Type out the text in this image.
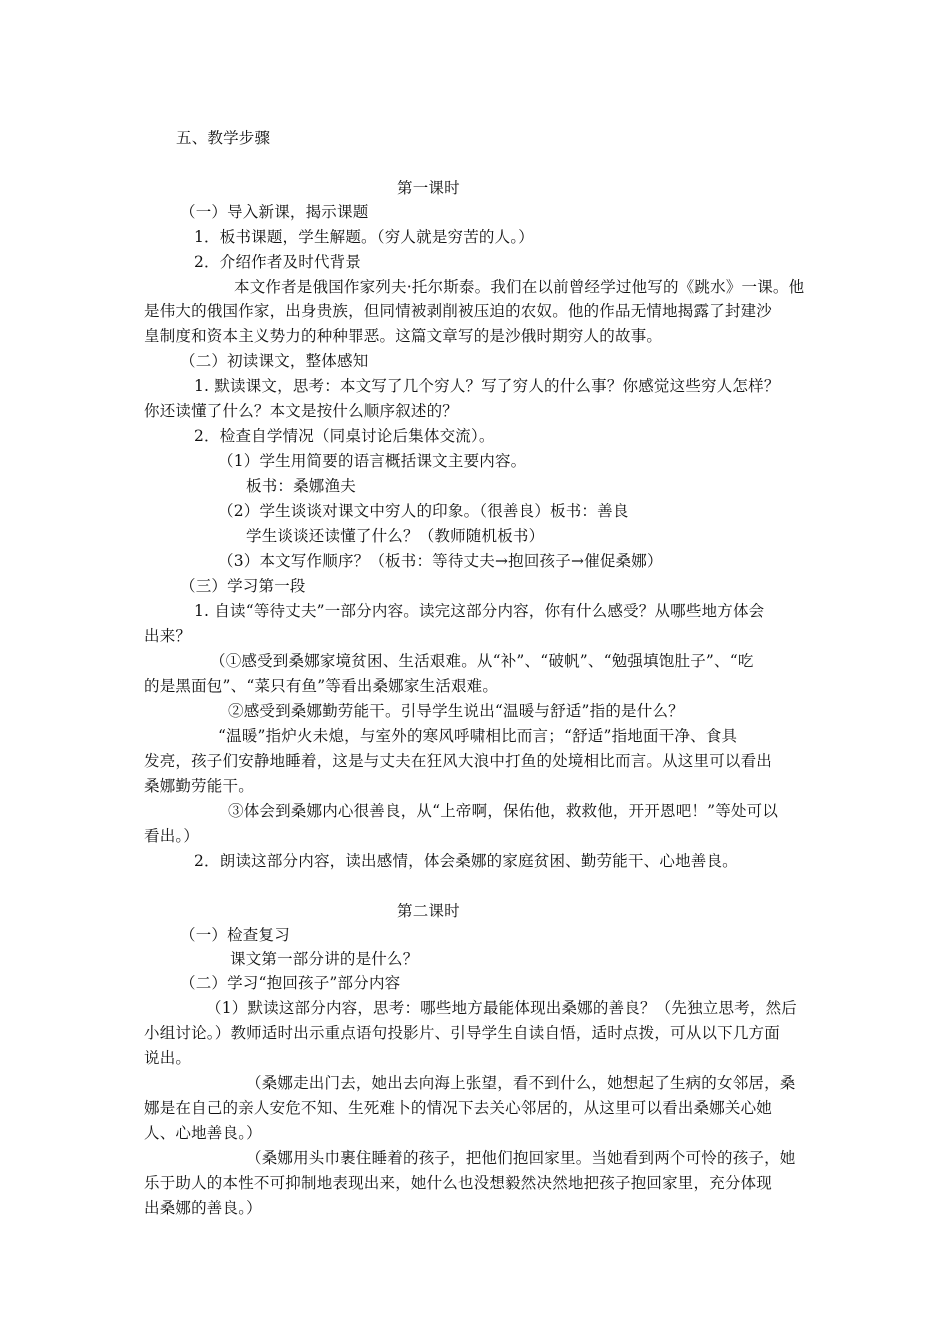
五、教学步骤
第一课时
（一）导入新课，揭示课题
1．板书课题，学生解题。（穷人就是穷苦的人。）
2．介绍作者及时代背景
本文作者是俄国作家列夫·托尔斯泰。我们在以前曾经学过他写的《跳水》一课。他
是伟大的俄国作家，出身贵族，但同情被剥削被压迫的农奴。他的作品无情地揭露了封建沙
皇制度和资本主义势力的种种罪恶。这篇文章写的是沙俄时期穷人的故事。
（二）初读课文，整体感知
1. 默读课文，思考：本文写了几个穷人？写了穷人的什么事？你感觉这些穷人怎样？
你还读懂了什么？本文是按什么顺序叙述的？
2．检查自学情况（同桌讨论后集体交流）。
（1）学生用简要的语言概括课文主要内容。
板书：桑娜渔夫
（2）学生谈谈对课文中穷人的印象。（很善良）板书：善良
学生谈谈还读懂了什么？（教师随机板书）
（3）本文写作顺序？（板书：等待丈夫→抱回孩子→催促桑娜）
（三）学习第一段
1. 自读“等待丈夫”一部分内容。读完这部分内容，你有什么感受？从哪些地方体会
出来？
（①感受到桑娜家境贫困、生活艰难。从“补”、“破帆”、“勉强填饱肚子”、“吃
的是黑面包”、“菜只有鱼”等看出桑娜家生活艰难。
②感受到桑娜勤劳能干。引导学生说出“温暖与舒适”指的是什么？
“温暖”指炉火未熄，与室外的寒风呼啸相比而言；“舒适”指地面干净、食具
发亮，孩子们安静地睡着，这是与丈夫在狂风大浪中打鱼的处境相比而言。从这里可以看出
桑娜勤劳能干。
③体会到桑娜内心很善良，从“上帝啊，保佑他，救救他，开开恩吧！”等处可以
看出。）
2．朗读这部分内容，读出感情，体会桑娜的家庭贫困、勤劳能干、心地善良。
第二课时
（一）检查复习
课文第一部分讲的是什么？
（二）学习“抱回孩子”部分内容
（1）默读这部分内容，思考：哪些地方最能体现出桑娜的善良？（先独立思考，然后
小组讨论。）教师适时出示重点语句投影片、引导学生自读自悟，适时点拨，可从以下几方面
说出。
（桑娜走出门去，她出去向海上张望，看不到什么，她想起了生病的女邻居，桑
娜是在自己的亲人安危不知、生死难卜的情况下去关心邻居的，从这里可以看出桑娜关心她
人、心地善良。）
（桑娜用头巾裹住睡着的孩子，把他们抱回家里。当她看到两个可怜的孩子，她
乐于助人的本性不可抑制地表现出来，她什么也没想毅然决然地把孩子抱回家里，充分体现
出桑娜的善良。）
